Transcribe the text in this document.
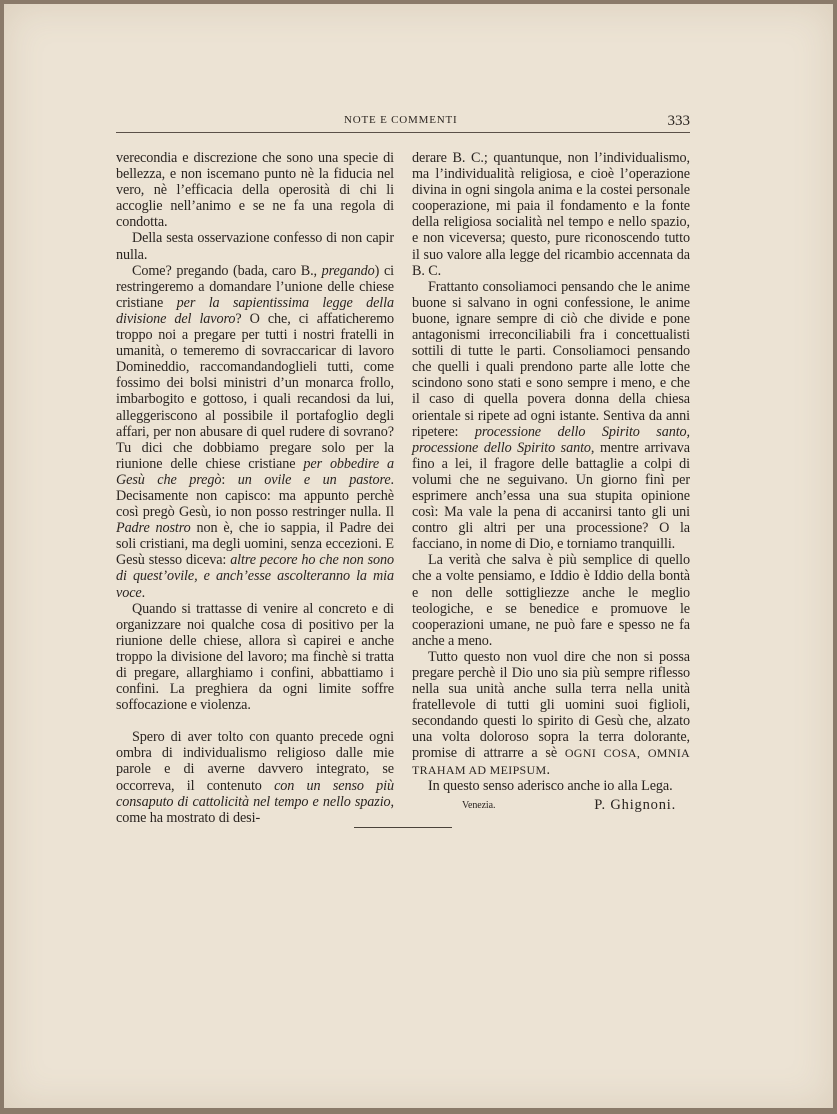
NOTE E COMMENTI	333

verecondia e discrezione che sono una specie di bellezza, e non iscemano punto nè la fiducia nel vero, nè l’efficacia della operosità di chi li accoglie nell’animo e se ne fa una regola di condotta.

Della sesta osservazione confesso di non capir nulla.

Come? pregando (bada, caro B., pregando) ci restringeremo a domandare l’unione delle chiese cristiane per la sapientissima legge della divisione del lavoro? O che, ci affaticheremo troppo noi a pregare per tutti i nostri fratelli in umanità, o temeremo di sovraccaricar di lavoro Domineddio, raccomandandoglieli tutti, come fossimo dei bolsi ministri d’un monarca frollo, imbarbogito e gottoso, i quali recandosi da lui, alleggeriscono al possibile il portafoglio degli affari, per non abusare di quel rudere di sovrano? Tu dici che dobbiamo pregare solo per la riunione delle chiese cristiane per obbedire a Gesù che pregò: un ovile e un pastore. Decisamente non capisco: ma appunto perchè così pregò Gesù, io non posso restringer nulla. Il Padre nostro non è, che io sappia, il Padre dei soli cristiani, ma degli uomini, senza eccezioni. E Gesù stesso diceva: altre pecore ho che non sono di quest’ovile, e anch’esse ascolteranno la mia voce.

Quando si trattasse di venire al concreto e di organizzare noi qualche cosa di positivo per la riunione delle chiese, allora sì capirei e anche troppo la divisione del lavoro; ma finchè si tratta di pregare, allarghiamo i confini, abbattiamo i confini. La preghiera da ogni limite soffre soffocazione e violenza.

Spero di aver tolto con quanto precede ogni ombra di individualismo religioso dalle mie parole e di averne davvero integrato, se occorreva, il contenuto con un senso più consaputo di cattolicità nel tempo e nello spazio, come ha mostrato di desi-

derare B. C.; quantunque, non l’individualismo, ma l’individualità religiosa, e cioè l’operazione divina in ogni singola anima e la costei personale cooperazione, mi paia il fondamento e la fonte della religiosa socialità nel tempo e nello spazio, e non viceversa; questo, pure riconoscendo tutto il suo valore alla legge del ricambio accennata da B. C.

Frattanto consoliamoci pensando che le anime buone si salvano in ogni confessione, le anime buone, ignare sempre di ciò che divide e pone antagonismi irreconciliabili fra i concettualisti sottili di tutte le parti. Consoliamoci pensando che quelli i quali prendono parte alle lotte che scindono sono stati e sono sempre i meno, e che il caso di quella povera donna della chiesa orientale si ripete ad ogni istante. Sentiva da anni ripetere: processione dello Spirito santo, processione dello Spirito santo, mentre arrivava fino a lei, il fragore delle battaglie a colpi di volumi che ne seguivano. Un giorno finì per esprimere anch’essa una sua stupita opinione così: Ma vale la pena di accanirsi tanto gli uni contro gli altri per una processione? O la facciano, in nome di Dio, e torniamo tranquilli.

La verità che salva è più semplice di quello che a volte pensiamo, e Iddio è Iddio della bontà e non delle sottigliezze anche le meglio teologiche, e se benedice e promuove le cooperazioni umane, ne può fare e spesso ne fa anche a meno.

Tutto questo non vuol dire che non si possa pregare perchè il Dio uno sia più sempre riflesso nella sua unità anche sulla terra nella unità fratellevole di tutti gli uomini suoi figlioli, secondando questi lo spirito di Gesù che, alzato una volta doloroso sopra la terra dolorante, promise di attrarre a sè OGNI COSA, OMNIA TRAHAM AD MEIPSUM.

In questo senso aderisco anche io alla Lega.

Venezia.	P. Ghignoni.
